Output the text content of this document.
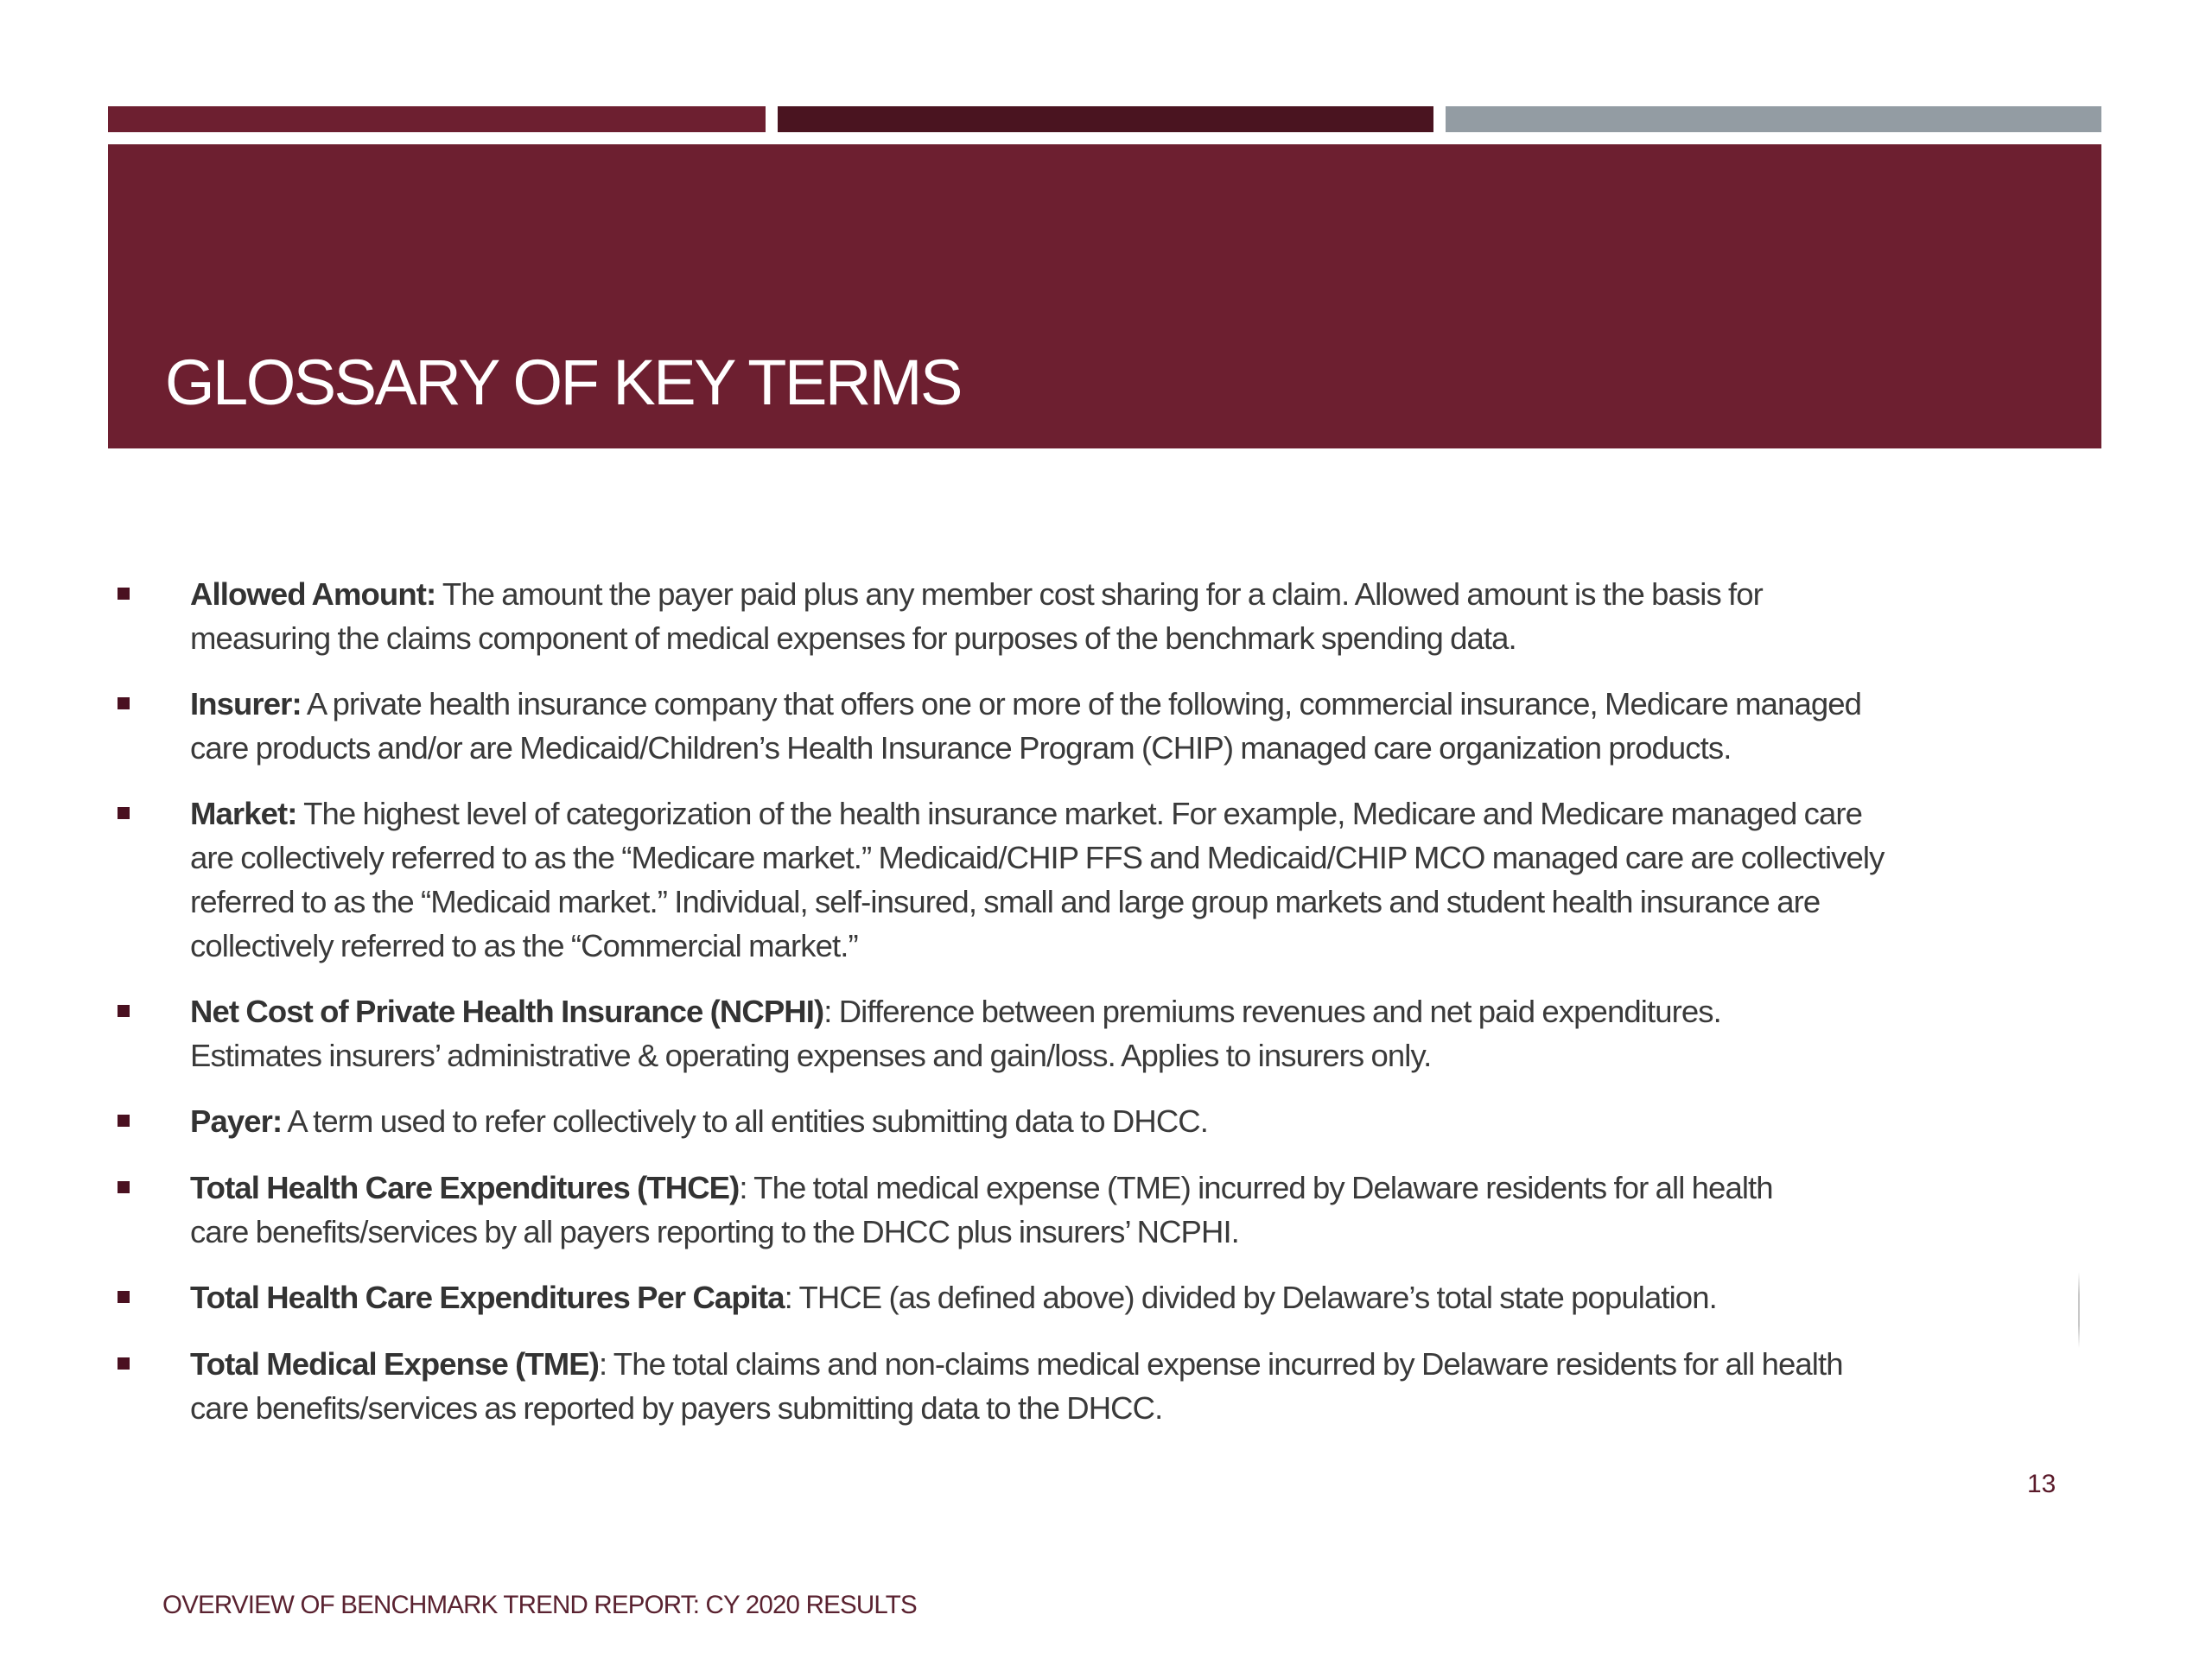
GLOSSARY OF KEY TERMS
Allowed Amount: The amount the payer paid plus any member cost sharing for a claim. Allowed amount is the basis for
measuring the claims component of medical expenses for purposes of the benchmark spending data.
Insurer: A private health insurance company that offers one or more of the following, commercial insurance, Medicare managed
care products and/or are Medicaid/Children’s Health Insurance Program (CHIP) managed care organization products.
Market: The highest level of categorization of the health insurance market. For example, Medicare and Medicare managed care
are collectively referred to as the “Medicare market.” Medicaid/CHIP FFS and Medicaid/CHIP MCO managed care are collectively
referred to as the “Medicaid market.” Individual, self-insured, small and large group markets and student health insurance are
collectively referred to as the “Commercial market.”
Net Cost of Private Health Insurance (NCPHI): Difference between premiums revenues and net paid expenditures.
Estimates insurers’ administrative & operating expenses and gain/loss. Applies to insurers only.
Payer: A term used to refer collectively to all entities submitting data to DHCC.
Total Health Care Expenditures (THCE): The total medical expense (TME) incurred by Delaware residents for all health
care benefits/services by all payers reporting to the DHCC plus insurers’ NCPHI.
Total Health Care Expenditures Per Capita: THCE (as defined above) divided by Delaware’s total state population.
Total Medical Expense (TME): The total claims and non-claims medical expense incurred by Delaware residents for all health
care benefits/services as reported by payers submitting data to the DHCC.
13
OVERVIEW OF BENCHMARK TREND REPORT: CY 2020 RESULTS
